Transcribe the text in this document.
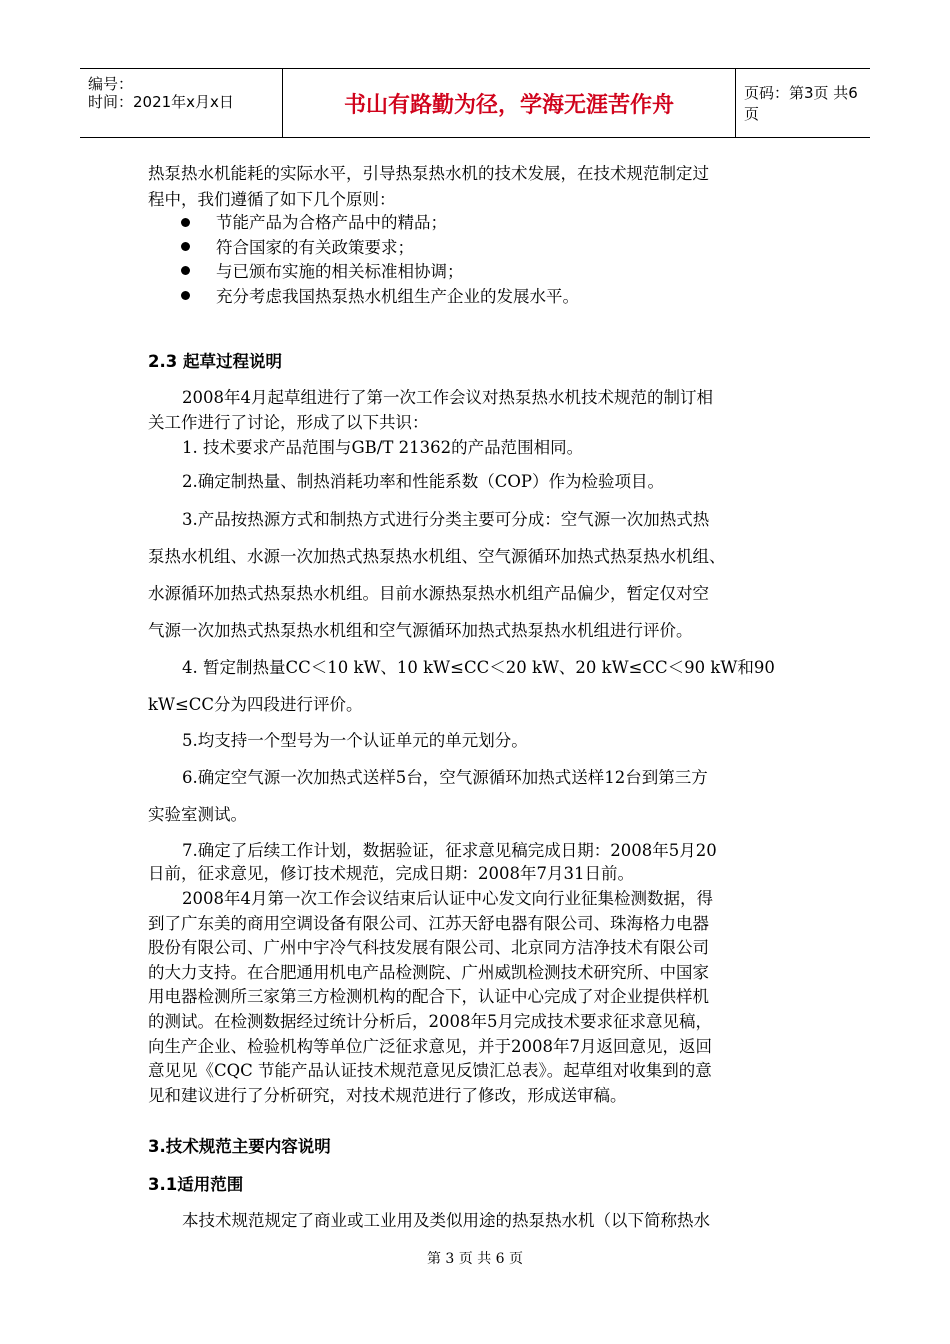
编号：
时间：2021年x月x日	书山有路勤为径，学海无涯苦作舟	页码：第3页 共6页
热泵热水机能耗的实际水平，引导热泵热水机的技术发展，在技术规范制定过
程中，我们遵循了如下几个原则：
节能产品为合格产品中的精品；
符合国家的有关政策要求；
与已颁布实施的相关标准相协调；
充分考虑我国热泵热水机组生产企业的发展水平。
2.3 起草过程说明
2008年4月起草组进行了第一次工作会议对热泵热水机技术规范的制订相
关工作进行了讨论，形成了以下共识：
1. 技术要求产品范围与GB/T 21362的产品范围相同。
2.确定制热量、制热消耗功率和性能系数（COP）作为检验项目。
3.产品按热源方式和制热方式进行分类主要可分成：空气源一次加热式热
泵热水机组、水源一次加热式热泵热水机组、空气源循环加热式热泵热水机组、
水源循环加热式热泵热水机组。目前水源热泵热水机组产品偏少，暂定仅对空
气源一次加热式热泵热水机组和空气源循环加热式热泵热水机组进行评价。
4. 暂定制热量CC＜10 kW、10 kW≤CC＜20 kW、20 kW≤CC＜90 kW和90
kW≤CC分为四段进行评价。
5.均支持一个型号为一个认证单元的单元划分。
6.确定空气源一次加热式送样5台，空气源循环加热式送样12台到第三方
实验室测试。
7.确定了后续工作计划，数据验证，征求意见稿完成日期：2008年5月20
日前，征求意见，修订技术规范，完成日期：2008年7月31日前。
2008年4月第一次工作会议结束后认证中心发文向行业征集检测数据，得
到了广东美的商用空调设备有限公司、江苏天舒电器有限公司、珠海格力电器
股份有限公司、广州中宇冷气科技发展有限公司、北京同方洁净技术有限公司
的大力支持。在合肥通用机电产品检测院、广州威凯检测技术研究所、中国家
用电器检测所三家第三方检测机构的配合下，认证中心完成了对企业提供样机
的测试。在检测数据经过统计分析后，2008年5月完成技术要求征求意见稿，
向生产企业、检验机构等单位广泛征求意见，并于2008年7月返回意见，返回
意见见《CQC 节能产品认证技术规范意见反馈汇总表》。起草组对收集到的意
见和建议进行了分析研究，对技术规范进行了修改，形成送审稿。
3.技术规范主要内容说明
3.1适用范围
本技术规范规定了商业或工业用及类似用途的热泵热水机（以下简称热水
第 3 页 共 6 页
